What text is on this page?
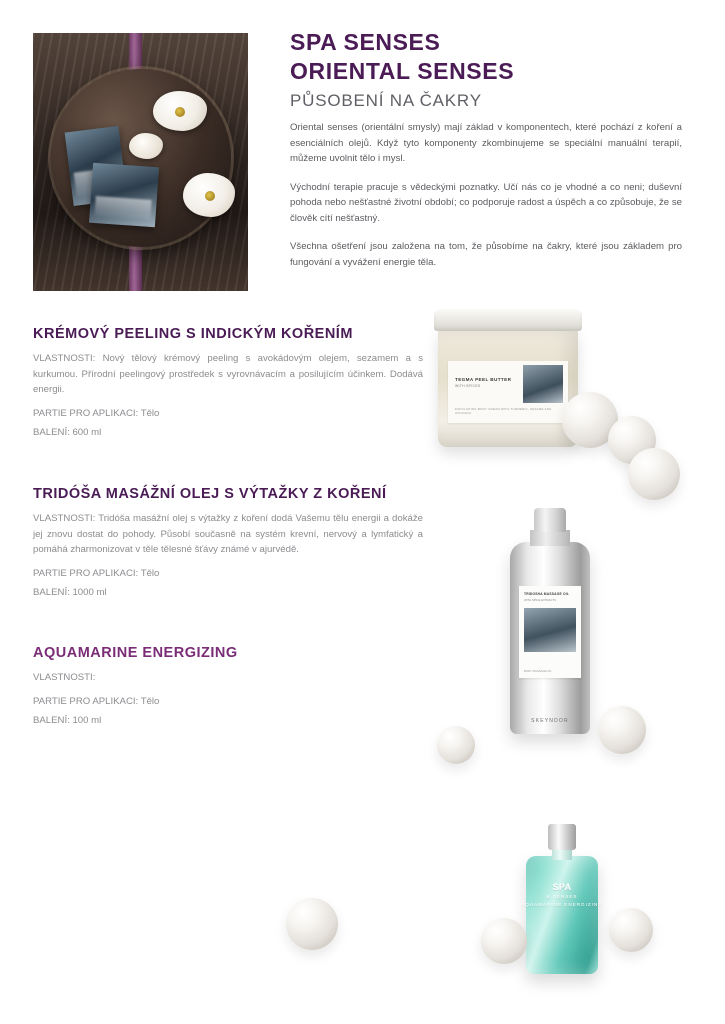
SPA SENSES
ORIENTAL SENSES
PŮSOBENÍ NA ČAKRY

Oriental senses (orientální smysly) mají základ v komponentech, které pochází z koření a esenciálních olejů. Když tyto komponenty zkombinujeme se speciální manuální terapií, můžeme uvolnit tělo i mysl.

Východní terapie pracuje s vědeckými poznatky. Učí nás co je vhodné a co neni; duševní pohoda nebo nešťastné životní období; co podporuje radost a úspěch a co způsobuje, že se člověk cítí nešťastný.

Všechna ošetření jsou založena na tom, že působíme na čakry, které jsou základem pro fungování a vyvážení energie těla.

KRÉMOVÝ PEELING S INDICKÝM KOŘENÍM

VLASTNOSTI: Nový tělový krémový peeling s avokádovým olejem, sezamem a s kurkumou. Přírodní peelingový prostředek s vyrovnávacím a posilujícím účinkem. Dodává energii.

PARTIE PRO APLIKACI: Tělo

BALENÍ: 600 ml

TRIDÓŠA MASÁŽNÍ OLEJ S VÝTAŽKY Z KOŘENÍ

VLASTNOSTI: Tridóša masážní olej s výtažky z koření dodá Vašemu tělu energii a dokáže jej znovu dostat do pohody. Působí současně na systém krevní, nervový a lymfatický a pomáhá zharmonizovat v těle tělesné šťávy známé v ajurvédě.

PARTIE PRO APLIKACI: Tělo

BALENÍ: 1000 ml

AQUAMARINE ENERGIZING

VLASTNOSTI:

PARTIE PRO APLIKACI: Tělo

BALENÍ: 100 ml

TEGMA PEEL BUTTER
WITH SPICES
EXFOLIATING BODY CREAM WITH TURMERIC, SESAME AND AVOCADO
TRIDOSHA MASSAGE OIL
WITH SPICE EXTRACTS
BODY MASSAGE OIL
SKEYNDOR
SPA
& SENSES
AQUAMARINE ENERGIZING
